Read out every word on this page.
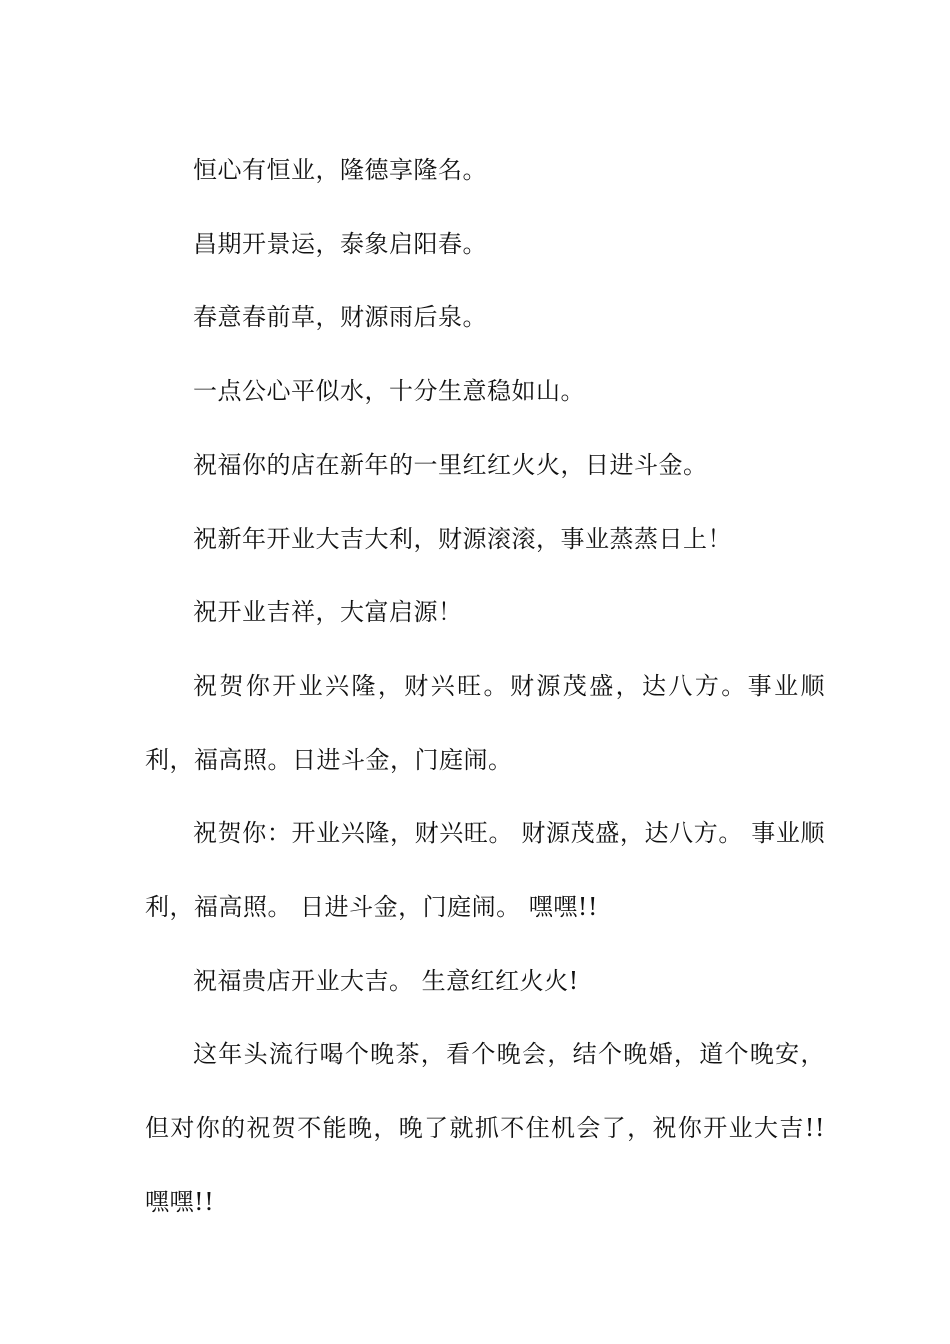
恒心有恒业，隆德享隆名。

昌期开景运，泰象启阳春。

春意春前草，财源雨后泉。

一点公心平似水，十分生意稳如山。

祝福你的店在新年的一里红红火火，日进斗金。

祝新年开业大吉大利，财源滚滚，事业蒸蒸日上！

祝开业吉祥，大富启源！

祝贺你开业兴隆，财兴旺。财源茂盛，达八方。事业顺利，福高照。日进斗金，门庭闹。

祝贺你：开业兴隆，财兴旺。 财源茂盛，达八方。 事业顺利，福高照。 日进斗金，门庭闹。 嘿嘿!!

祝福贵店开业大吉。 生意红红火火!

这年头流行喝个晚茶，看个晚会，结个晚婚，道个晚安，但对你的祝贺不能晚，晚了就抓不住机会了，祝你开业大吉!!嘿嘿!!
